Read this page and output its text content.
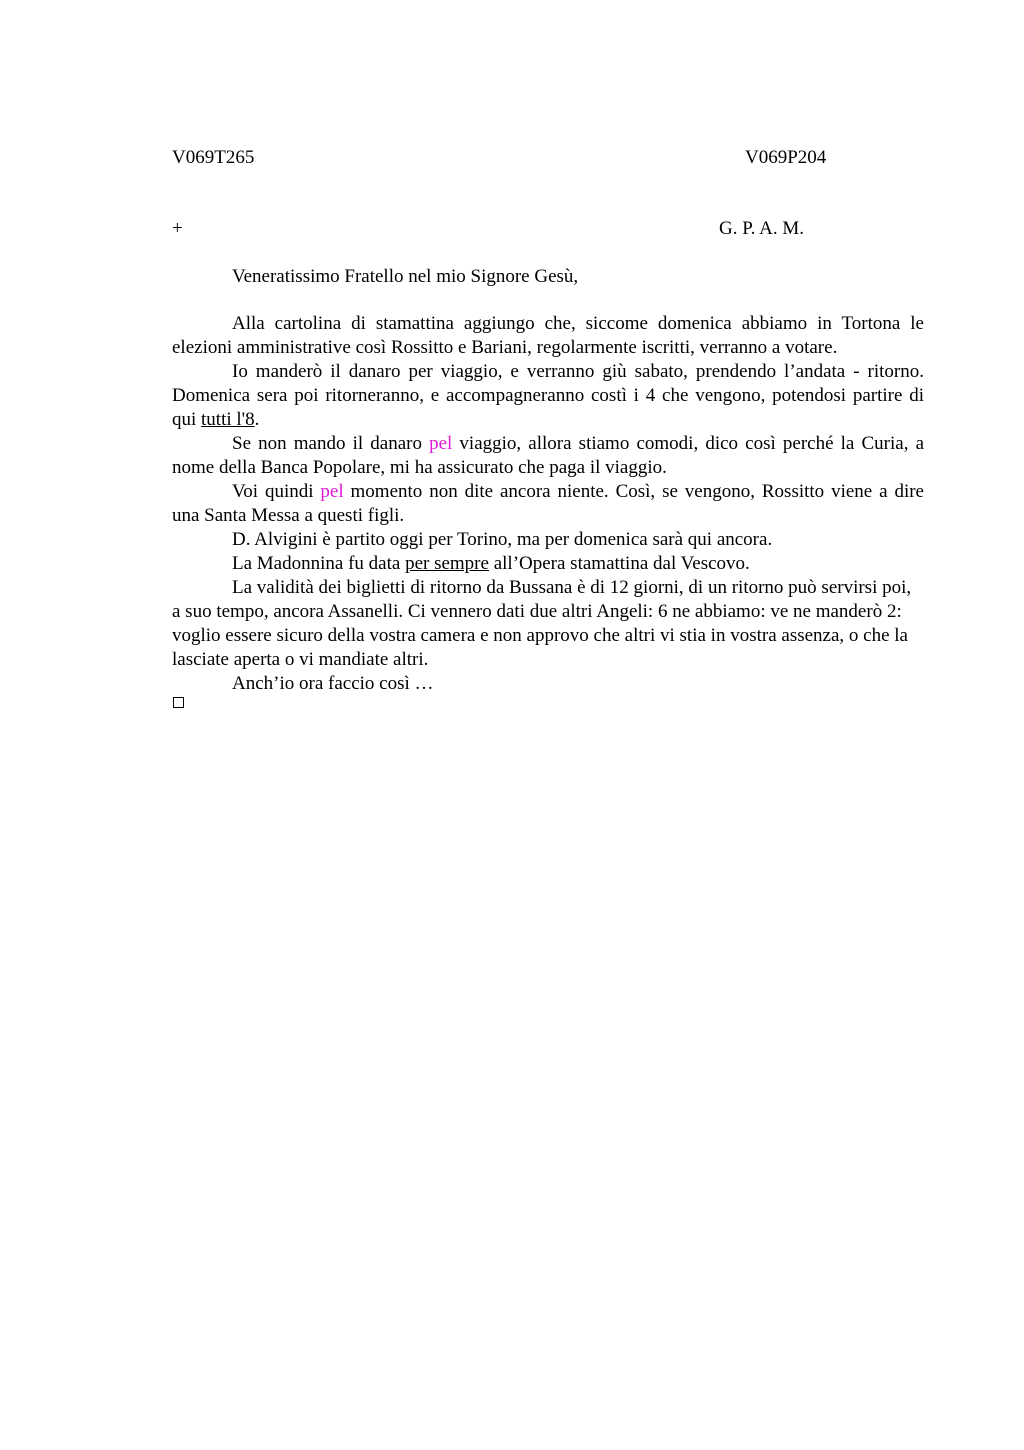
V069T265	V069P204
+	G. P. A. M.
Veneratissimo Fratello nel mio Signore Gesù,

Alla cartolina di stamattina aggiungo che, siccome domenica abbiamo in Tortona le elezioni amministrative così Rossitto e Bariani, regolarmente iscritti, verranno a votare.

Io manderò il danaro per viaggio, e verranno giù sabato, prendendo l’andata - ritorno. Domenica sera poi ritorneranno, e accompagneranno costì i 4 che vengono, potendosi partire di qui tutti l'8.

Se non mando il danaro pel viaggio, allora stiamo comodi, dico così perché la Curia, a nome della Banca Popolare, mi ha assicurato che paga il viaggio.

Voi quindi pel momento non dite ancora niente. Così, se vengono, Rossitto viene a dire una Santa Messa a questi figli.

D. Alvigini è partito oggi per Torino, ma per domenica sarà qui ancora.

La Madonnina fu data per sempre all’Opera stamattina dal Vescovo.

La validità dei biglietti di ritorno da Bussana è di 12 giorni, di un ritorno può servirsi poi, a suo tempo, ancora Assanelli. Ci vennero dati due altri Angeli: 6 ne abbiamo: ve ne manderò 2: voglio essere sicuro della vostra camera e non approvo che altri vi stia in vostra assenza, o che la lasciate aperta o vi mandiate altri.

Anch’io ora faccio così …
